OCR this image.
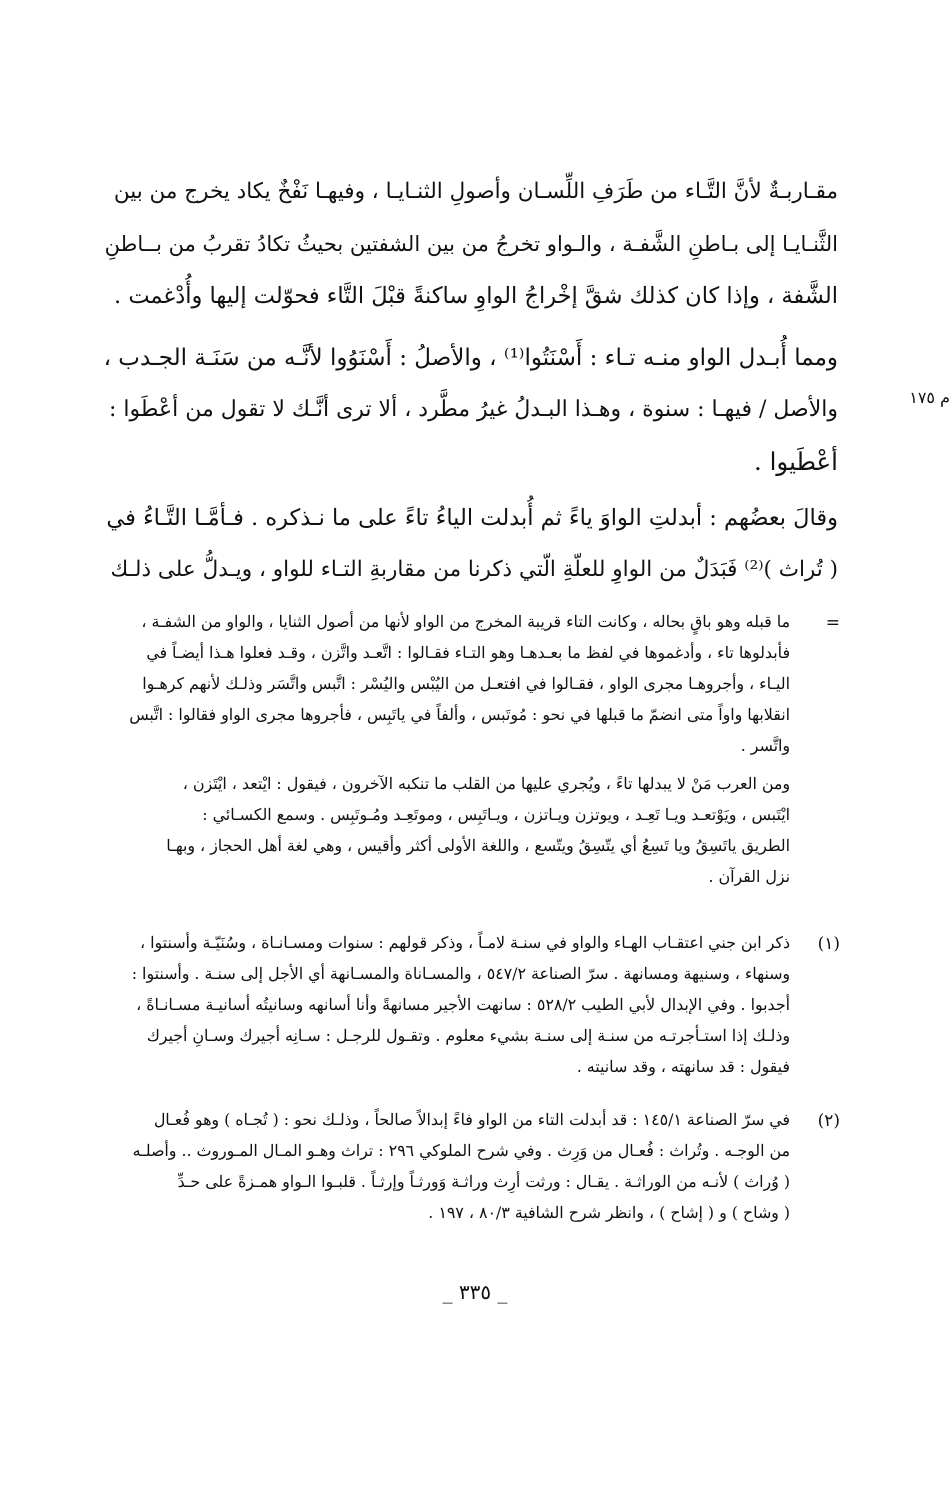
م ١٧٥
مقـاربـةٌ لأنَّ التَّـاء من طَرَفِ اللِّسـان وأصولِ الثنـايـا ، وفيهـا نَفْخٌ يكاد يخرج من بين
الثَّنـايـا إلى بـاطنِ الشَّفـة ، والـواو تخرجُ من بين الشفتين بحيثُ تكادُ تقربُ من بــاطنِ
الشَّفة ، وإذا كان كذلك شقَّ إخْراجُ الواوِ ساكنةً قبْلَ التَّاء فحوّلت إليها وأُدْغمت .
ومما أُبـدل الواو منـه تـاء : أَسْنَتُوا⁽¹⁾ ، والأصلُ : أَسْنَوُوا لأنَّـه من سَنَـة الجـدب ،
والأصل / فيهـا : سنوة ، وهـذا البـدلُ غيرُ مطَّرد ، ألا ترى أنَّـك لا تقول من أعْطَوا :
أعْطَيوا .
وقالَ بعضُهم : أبدلتِ الواوَ ياءً ثم أُبدلت الياءُ تاءً على ما نـذكره . فـأمَّـا التَّـاءُ في
( تُراث )⁽²⁾ فَبَدَلٌ من الواوِ للعلّةِ الّتي ذكرنا من مقاربةِ التـاء للواو ، ويـدلُّ على ذلـك
=
ما قبله وهو باقٍ بحاله ، وكانت التاء قريبة المخرج من الواو لأنها من أصول الثنايا ، والواو من الشفـة ،
فأبدلوها تاء ، وأدغموها في لفظ ما بعـدهـا وهو التـاء فقـالوا : اتَّعـد واتَّزن ، وقـد فعلوا هـذا أيضـاً في
اليـاء ، وأجروهـا مجرى الواو ، فقـالوا في افتعـل من اليُبْس واليُسْر : اتَّبس واتَّسَر وذلـك لأنهم كرهـوا
انقلابها واواً متى انضمّ ما قبلها في نحو : مُوتَبس ، وألفاً في ياتَبِس ، فأجروها مجرى الواو فقالوا : اتَّبس
واتَّسر .
ومن العرب مَنْ لا يبدلها تاءً ، ويُجري عليها من القلب ما تنكبه الآخرون ، فيقول : ايْتعد ، ايْتَزن ،
ايْتَبس ، ويَوْتعـد ويـا تَعِـد ، ويوتزن ويـاتزن ، ويـاتَبِس ، وموتَعِـد ومُـوتَبِس . وسمع الكسـائي :
الطريق ياتَسِقُ ويا تَسِعُ أي يتّسِقُ ويتّسع ، واللغة الأولى أكثر وأقيس ، وهي لغة أهل الحجاز ، وبهـا
نزل القرآن .
(١)
ذكر ابن جني اعتقـاب الهـاء والواو في سنـة لامـاً ، وذكر قولهم : سنوات ومسـانـاة ، وسُنَيّـة وأسنتوا ،
وسنهاء ، وسنيهة ومسانهة . سرّ الصناعة ٥٤٧/٢ ، والمسـاناة والمسـانهة أي الأجل إلى سنـة . وأسنتوا :
أجدبوا . وفي الإبدال لأبي الطيب ٥٢٨/٢ : سانهت الأجير مسانهةً وأنا أسانهه وسانيتُه أسانيـة مسـانـاةً ،
وذلـك إذا استـأجرتـه من سنـة إلى سنـة بشيء معلوم . وتقـول للرجـل : سـانِه أجيرك وسـانِ أجيرك
فيقول : قد سانهته ، وقد سانيته .
(٢)
في سرّ الصناعة ١٤٥/١ : قد أبدلت التاء من الواو فاءً إبدالاً صالحاً ، وذلـك نحو : ( تُجـاه ) وهو فُعـال
من الوجـه . وتُراث : فُعـال من وَرِث . وفي شرح الملوكي ٢٩٦ : تراث وهـو المـال المـوروث .. وأصلـه
( وُراث ) لأنـه من الوراثـة . يقـال : ورثت أرِث وراثـة وَورثـاً وإرثـاً . قلبـوا الـواو همـزةً على حـدِّ
( وشاح ) و ( إشاح ) ، وانظر شرح الشافية ٨٠/٣ ، ١٩٧ .
_ ٣٣٥ _
